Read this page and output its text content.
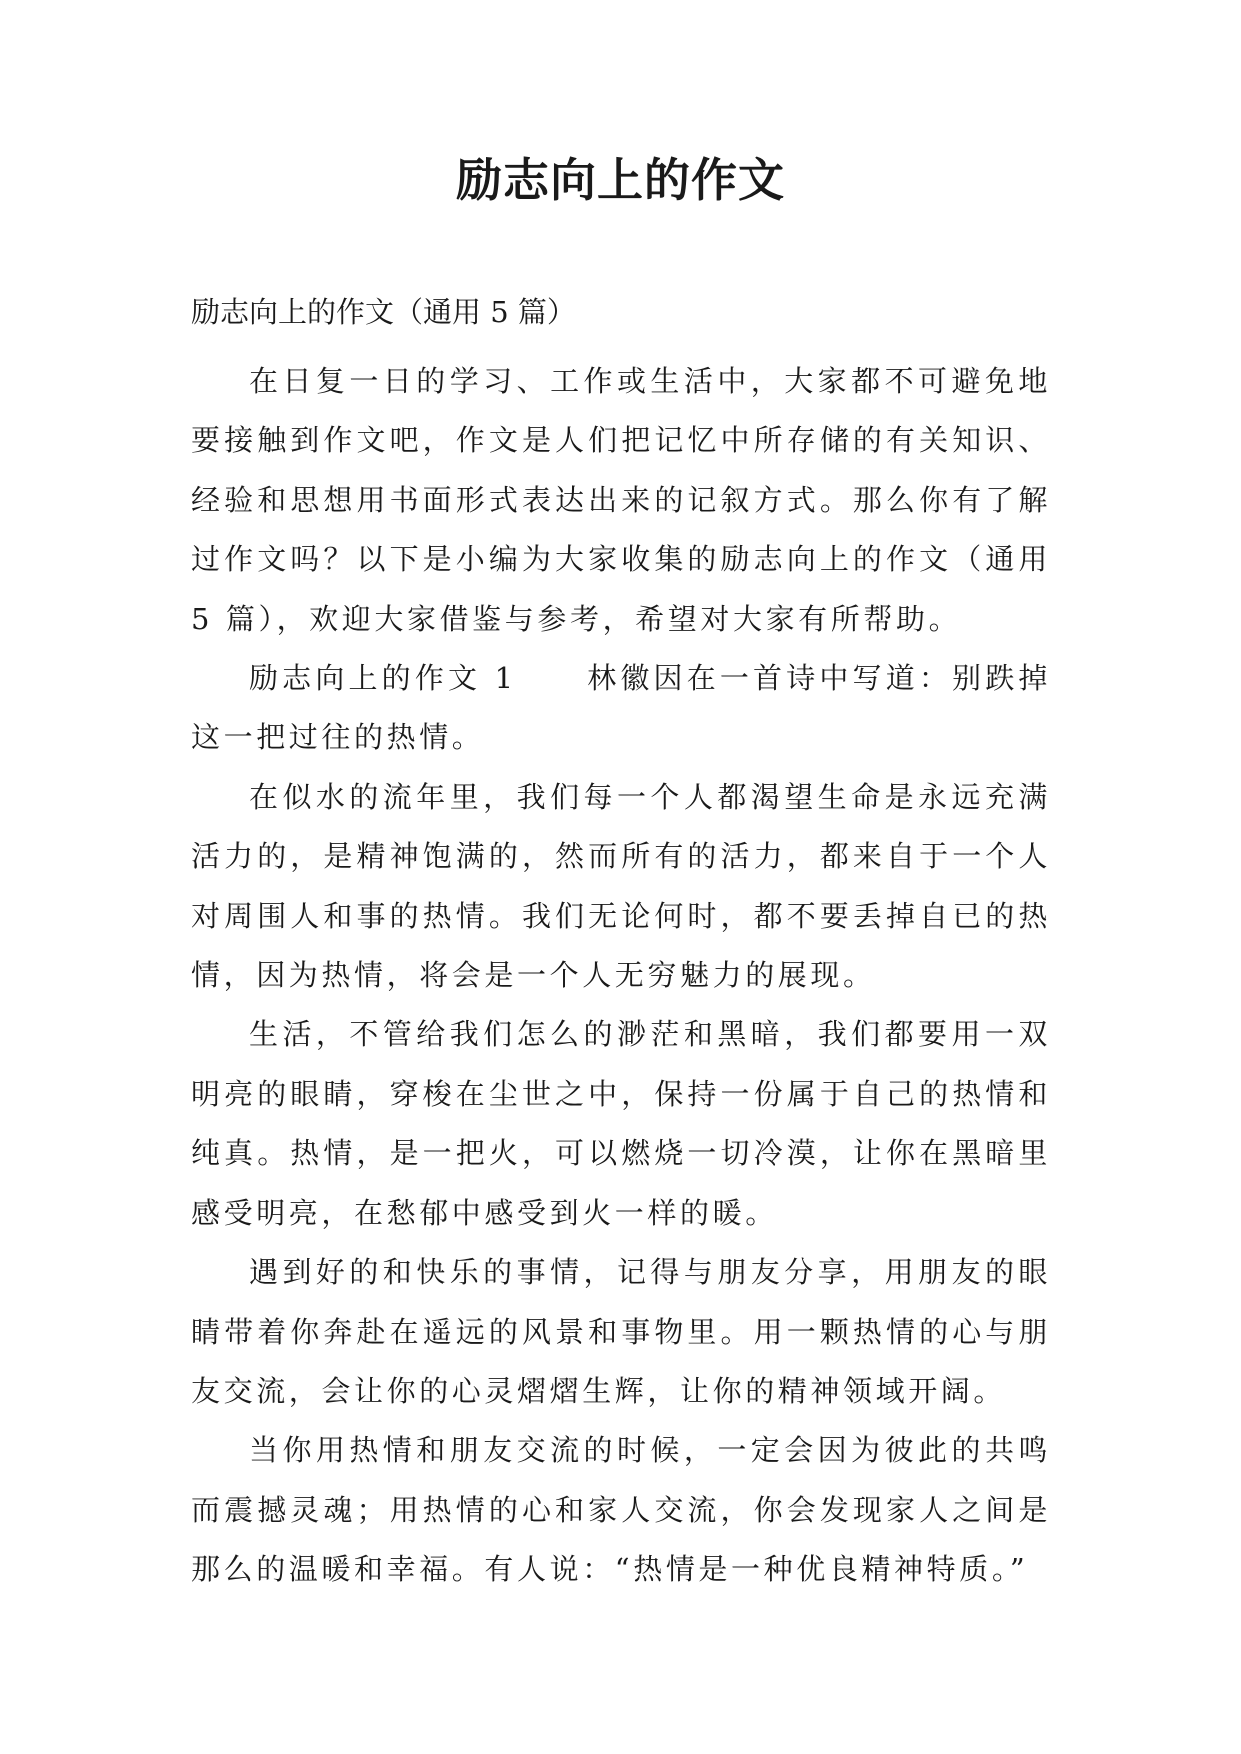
励志向上的作文

励志向上的作文（通用 5 篇）

在日复一日的学习、工作或生活中，大家都不可避免地要接触到作文吧，作文是人们把记忆中所存储的有关知识、经验和思想用书面形式表达出来的记叙方式。那么你有了解过作文吗？以下是小编为大家收集的励志向上的作文（通用 5 篇），欢迎大家借鉴与参考，希望对大家有所帮助。

励志向上的作文 1 林徽因在一首诗中写道：别跌掉这一把过往的热情。

在似水的流年里，我们每一个人都渴望生命是永远充满活力的，是精神饱满的，然而所有的活力，都来自于一个人对周围人和事的热情。我们无论何时，都不要丢掉自已的热情，因为热情，将会是一个人无穷魅力的展现。

生活，不管给我们怎么的渺茫和黑暗，我们都要用一双明亮的眼睛，穿梭在尘世之中，保持一份属于自己的热情和纯真。热情，是一把火，可以燃烧一切冷漠，让你在黑暗里感受明亮，在愁郁中感受到火一样的暖。

遇到好的和快乐的事情，记得与朋友分享，用朋友的眼睛带着你奔赴在遥远的风景和事物里。用一颗热情的心与朋友交流，会让你的心灵熠熠生辉，让你的精神领域开阔。

当你用热情和朋友交流的时候，一定会因为彼此的共鸣而震撼灵魂；用热情的心和家人交流，你会发现家人之间是那么的温暖和幸福。有人说：“热情是一种优良精神特质。”
